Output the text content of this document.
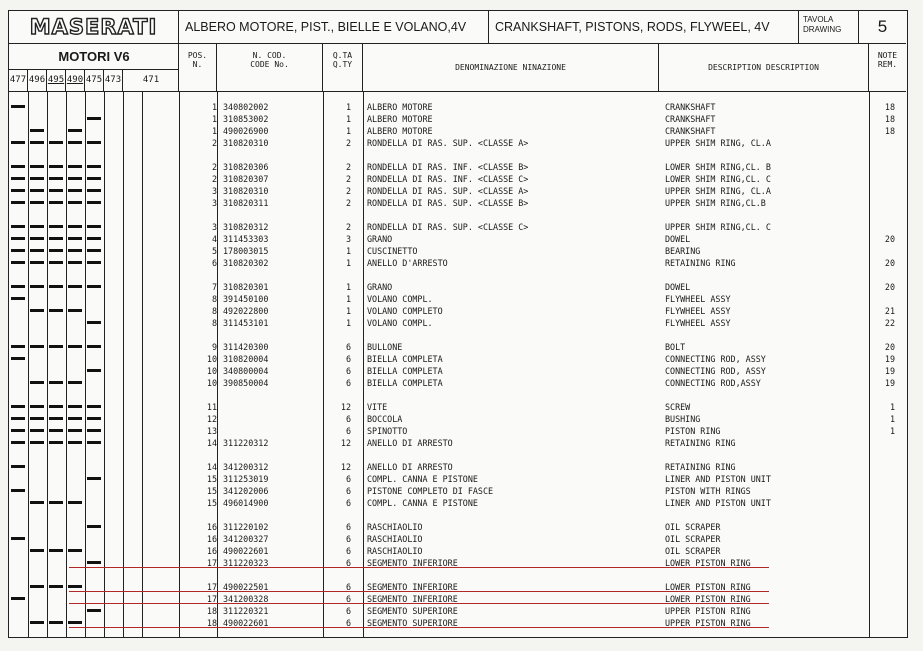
MASERATI	ALBERO MOTORE, PIST., BIELLE E VOLANO,4V	CRANKSHAFT, PISTONS, RODS, FLYWEEL, 4V
TAVOLA
DRAWING	5
MOTORI V6
477 496 495 490 475 473	471
POS.
N.
N. COD.
CODE No.
Q.TA
Q.TY	DENOMINAZIONE NINAZIONE	DESCRIPTION DESCRIPTION
NOTE
REM.
1 340802002	1 ALBERO MOTORE	CRANKSHAFT	18
1 310853002	1 ALBERO MOTORE	CRANKSHAFT	18
1 490026900	1 ALBERO MOTORE	CRANKSHAFT	18
2 310820310	2 RONDELLA DI RAS. SUP. <CLASSE A>	UPPER SHIM RING, CL.A
2 310820306	2 RONDELLA DI RAS. INF. <CLASSE B>	LOWER SHIM RING,CL. B
2 310820307	2 RONDELLA DI RAS. INF. <CLASSE C>	LOWER SHIM RING,CL. C
3 310820310	2 RONDELLA DI RAS. SUP. <CLASSE A>	UPPER SHIM RING, CL.A
3 310820311	2 RONDELLA DI RAS. SUP. <CLASSE B>	UPPER SHIM RING,CL.B
3 310820312	2 RONDELLA DI RAS. SUP. <CLASSE C>	UPPER SHIM RING,CL. C
4 311453303	3 GRANO	DOWEL	20
5 178003015	1 CUSCINETTO	BEARING
6 310820302	1 ANELLO D'ARRESTO	RETAINING RING	20
7 310820301	1 GRANO	DOWEL	20
8 391450100	1 VOLANO COMPL.	FLYWHEEL ASSY
8 492022800	1 VOLANO COMPLETO	FLYWHEEL ASSY	21
8 311453101	1 VOLANO COMPL.	FLYWHEEL ASSY	22
9 311420300	6 BULLONE	BOLT	20
10 310820004	6 BIELLA COMPLETA	CONNECTING ROD, ASSY	19
10 340800004	6 BIELLA COMPLETA	CONNECTING ROD, ASSY	19
10 390850004	6 BIELLA COMPLETA	CONNECTING ROD,ASSY	19
11	12 VITE	SCREW	1
12	6 BOCCOLA	BUSHING	1
13	6 SPINOTTO	PISTON RING	1
14 311220312	12 ANELLO DI ARRESTO	RETAINING RING
14 341200312	12 ANELLO DI ARRESTO	RETAINING RING
15 311253019	6 COMPL. CANNA E PISTONE	LINER AND PISTON UNIT
15 341202006	6 PISTONE COMPLETO DI FASCE	PISTON WITH RINGS
15 496014900	6 COMPL. CANNA E PISTONE	LINER AND PISTON UNIT
16 311220102	6 RASCHIAOLIO	OIL SCRAPER
16 341200327	6 RASCHIAOLIO	OIL SCRAPER
16 490022601	6 RASCHIAOLIO	OIL SCRAPER
17 311220323	6 SEGMENTO INFERIORE	LOWER PISTON RING
17 490022501	6 SEGMENTO INFERIORE	LOWER PISTON RING
17 341200328	6 SEGMENTO INFERIORE	LOWER PISTON RING
18 311220321	6 SEGMENTO SUPERIORE	UPPER PISTON RING
18 490022601	6 SEGMENTO SUPERIORE	UPPER PISTON RING
